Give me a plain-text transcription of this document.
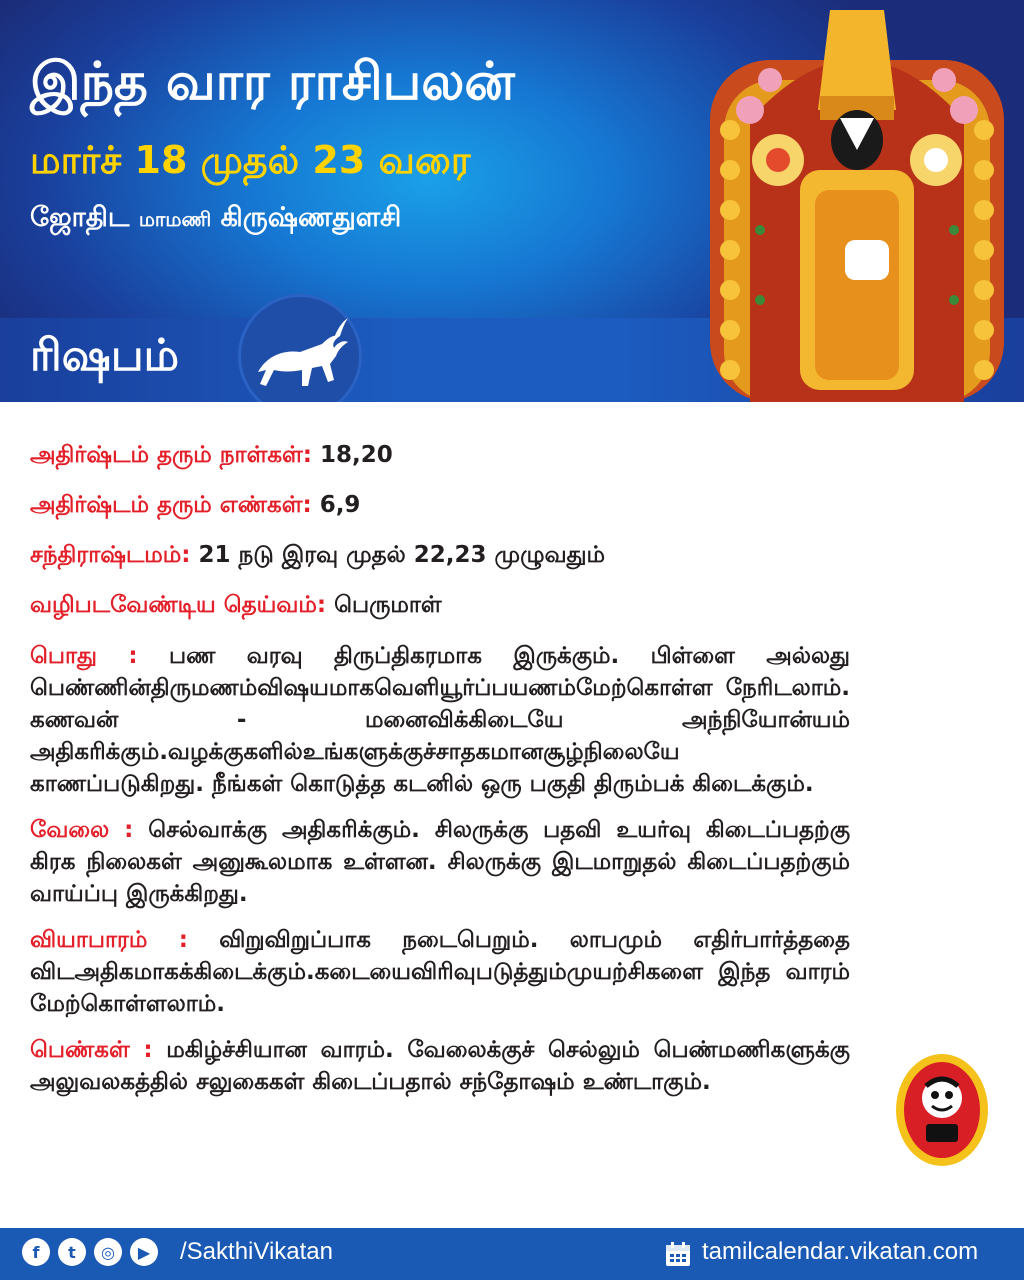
இந்த வார ராசிபலன்
மார்ச் 18 முதல் 23 வரை
ஜோதிட மாமணி கிருஷ்ணதுளசி
ரிஷபம்
அதிர்ஷ்டம் தரும் நாள்கள்: 18,20
அதிர்ஷ்டம் தரும் எண்கள்: 6,9
சந்திராஷ்டமம்: 21 நடு இரவு முதல் 22,23 முழுவதும்
வழிபடவேண்டிய தெய்வம்: பெருமாள்
பொது : பண வரவு திருப்திகரமாக இருக்கும். பிள்ளை அல்லது பெண்ணின்திருமணம்விஷயமாகவெளியூர்ப்பயணம்மேற்கொள்ள நேரிடலாம். கணவன் - மனைவிக்கிடையே அந்நியோன்யம் அதிகரிக்கும்.வழக்குகளில்உங்களுக்குச்சாதகமானசூழ்நிலையே காணப்படுகிறது. நீங்கள் கொடுத்த கடனில் ஒரு பகுதி திரும்பக் கிடைக்கும்.
வேலை : செல்வாக்கு அதிகரிக்கும். சிலருக்கு பதவி உயர்வு கிடைப்பதற்கு கிரக நிலைகள் அனுகூலமாக உள்ளன. சிலருக்கு இடமாறுதல் கிடைப்பதற்கும் வாய்ப்பு இருக்கிறது.
வியாபாரம் : விறுவிறுப்பாக நடைபெறும். லாபமும் எதிர்பார்த்ததை விடஅதிகமாகக்கிடைக்கும்.கடையைவிரிவுபடுத்தும்முயற்சிகளை இந்த வாரம் மேற்கொள்ளலாம்.
பெண்கள் : மகிழ்ச்சியான வாரம். வேலைக்குச் செல்லும் பெண்மணிகளுக்கு அலுவலகத்தில் சலுகைகள் கிடைப்பதால் சந்தோஷம் உண்டாகும்.
f	t	◎	▶	/SakthiVikatan	tamilcalendar.vikatan.com
